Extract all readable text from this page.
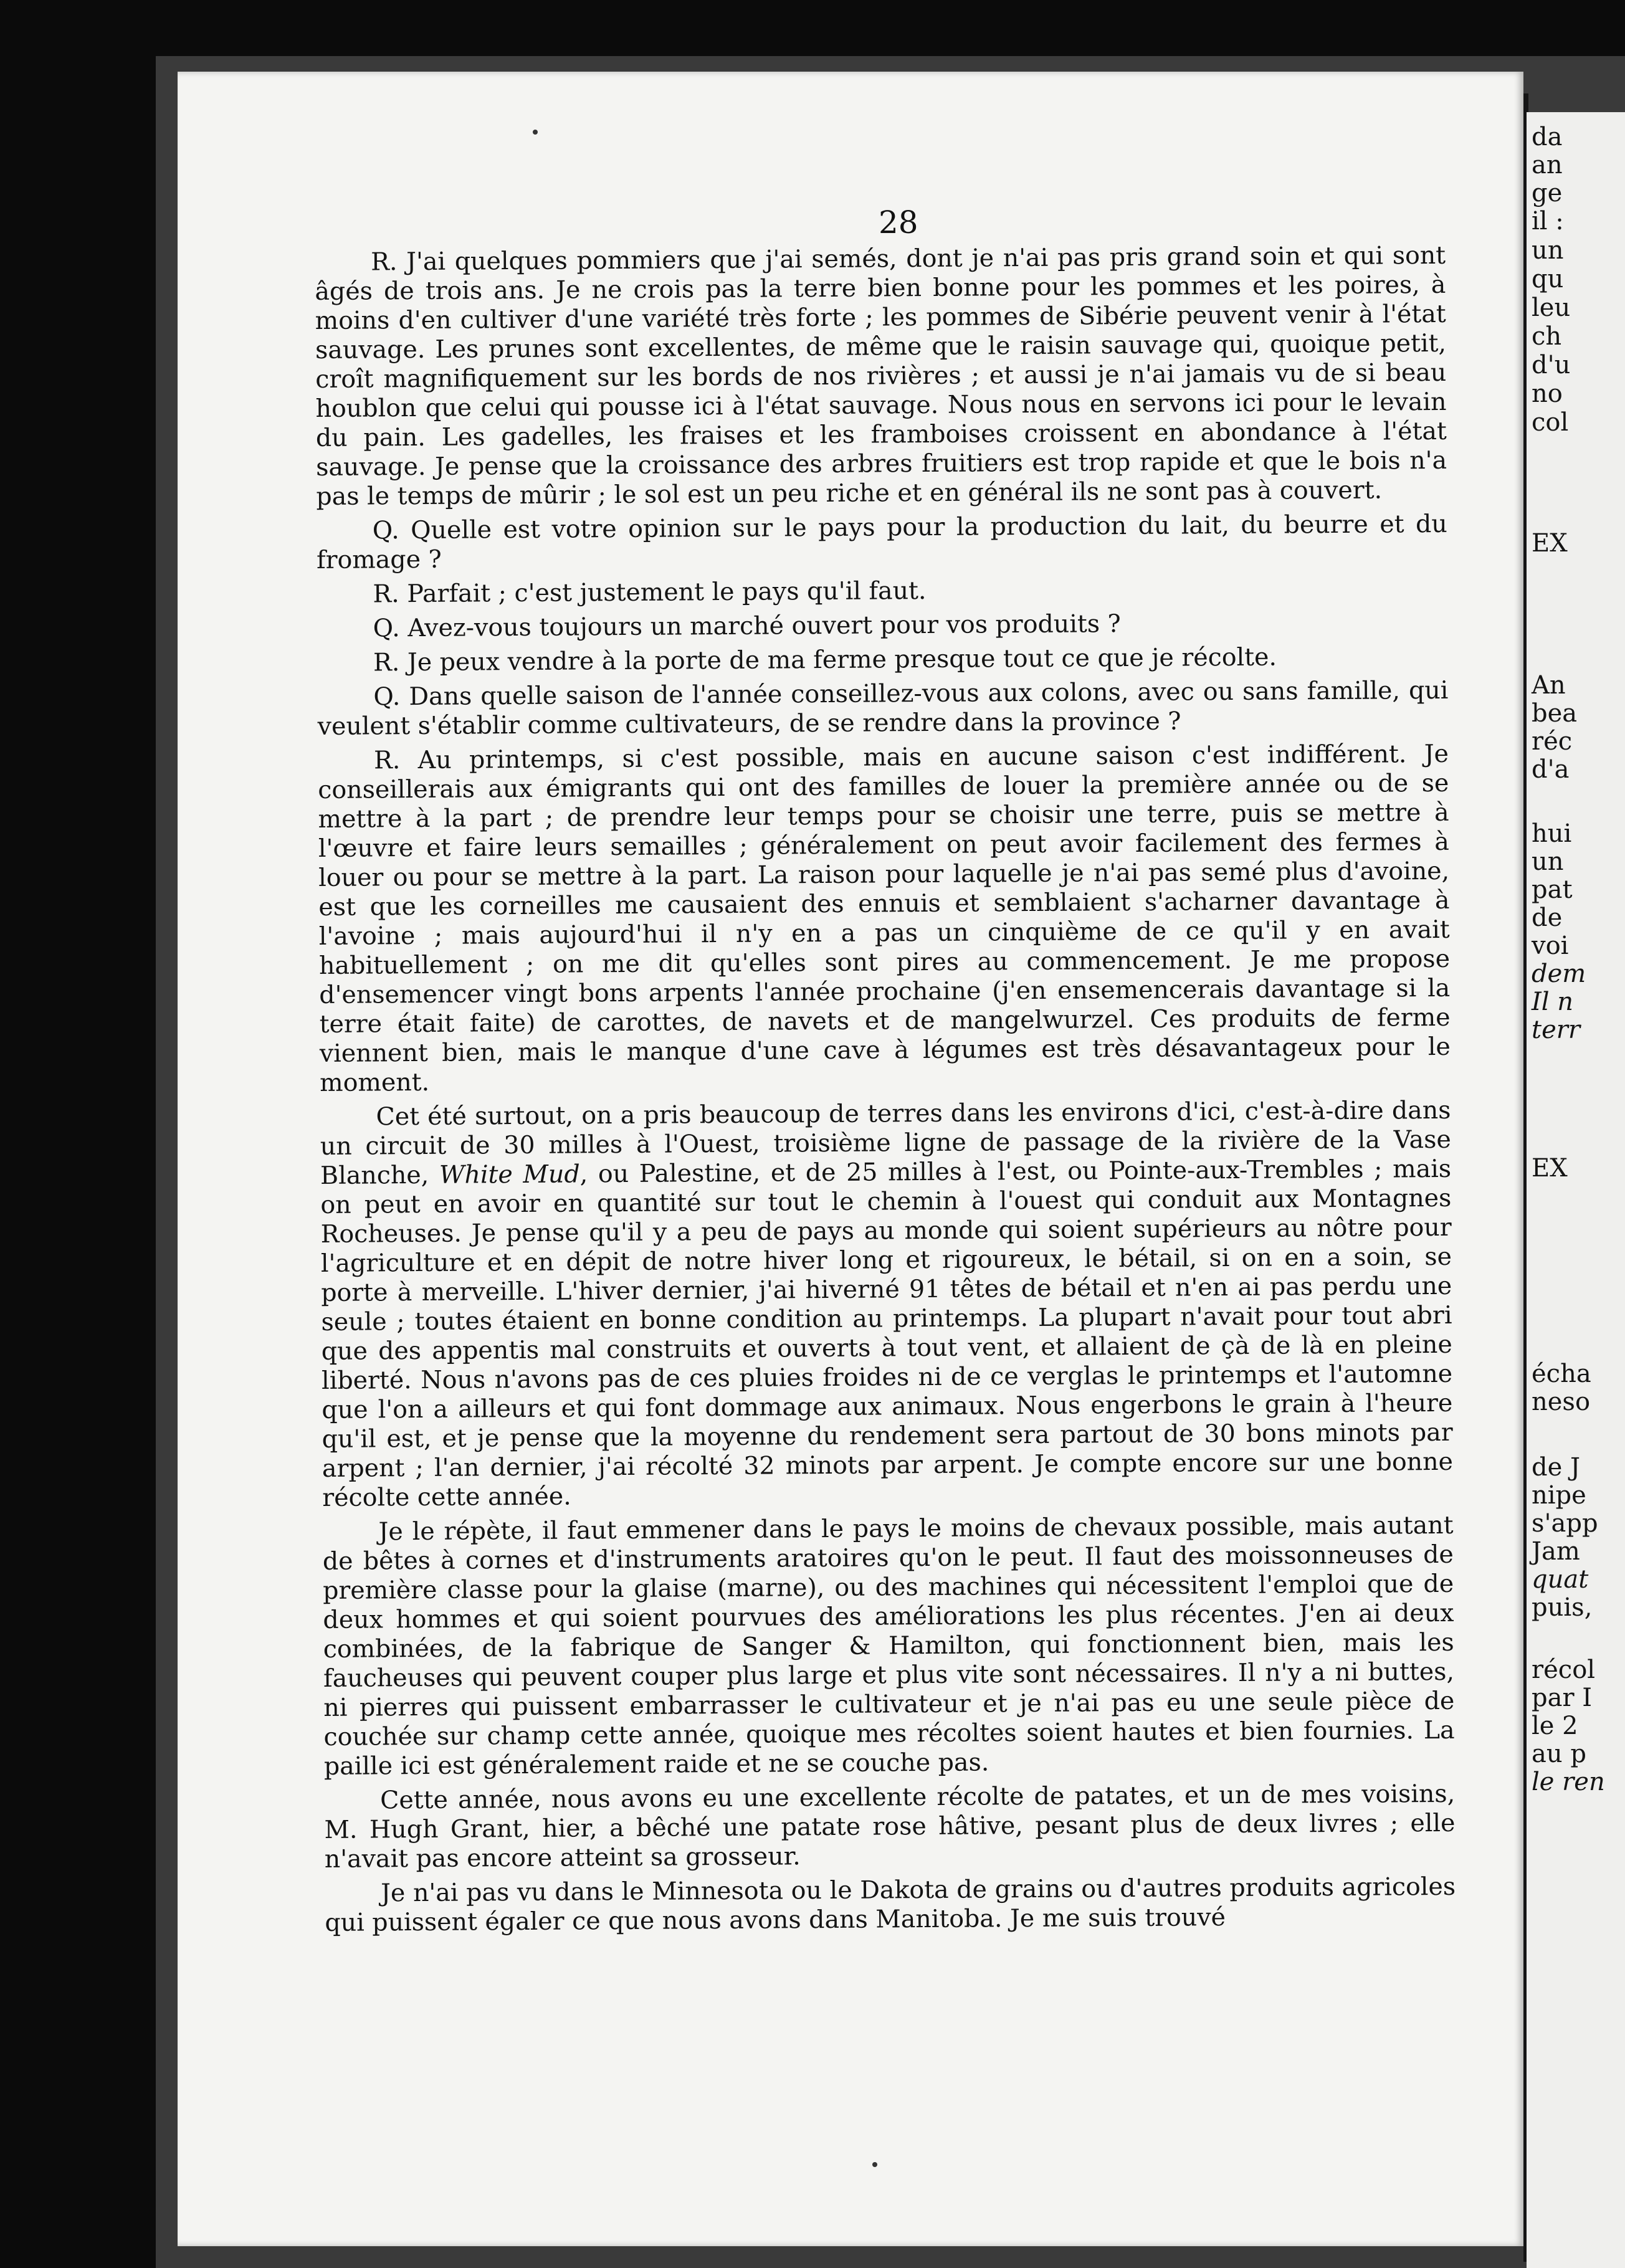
28

R. J'ai quelques pommiers que j'ai semés, dont je n'ai pas pris grand soin et qui sont âgés de trois ans. Je ne crois pas la terre bien bonne pour les pommes et les poires, à moins d'en cultiver d'une variété très forte ; les pommes de Sibérie peuvent venir à l'état sauvage. Les prunes sont excellentes, de même que le raisin sauvage qui, quoique petit, croît magnifiquement sur les bords de nos rivières ; et aussi je n'ai jamais vu de si beau houblon que celui qui pousse ici à l'état sauvage. Nous nous en servons ici pour le levain du pain. Les gadelles, les fraises et les framboises croissent en abondance à l'état sauvage. Je pense que la croissance des arbres fruitiers est trop rapide et que le bois n'a pas le temps de mûrir ; le sol est un peu riche et en général ils ne sont pas à couvert.

Q. Quelle est votre opinion sur le pays pour la production du lait, du beurre et du fromage ?

R. Parfait ; c'est justement le pays qu'il faut.

Q. Avez-vous toujours un marché ouvert pour vos produits ?

R. Je peux vendre à la porte de ma ferme presque tout ce que je récolte.

Q. Dans quelle saison de l'année conseillez-vous aux colons, avec ou sans famille, qui veulent s'établir comme cultivateurs, de se rendre dans la province ?

R. Au printemps, si c'est possible, mais en aucune saison c'est indifférent. Je conseillerais aux émigrants qui ont des familles de louer la première année ou de se mettre à la part ; de prendre leur temps pour se choisir une terre, puis se mettre à l'œuvre et faire leurs semailles ; généralement on peut avoir facilement des fermes à louer ou pour se mettre à la part. La raison pour laquelle je n'ai pas semé plus d'avoine, est que les corneilles me causaient des ennuis et semblaient s'acharner davantage à l'avoine ; mais aujourd'hui il n'y en a pas un cinquième de ce qu'il y en avait habituellement ; on me dit qu'elles sont pires au commencement. Je me propose d'ensemencer vingt bons arpents l'année prochaine (j'en ensemencerais davantage si la terre était faite) de carottes, de navets et de mangelwurzel. Ces produits de ferme viennent bien, mais le manque d'une cave à légumes est très désavantageux pour le moment.

Cet été surtout, on a pris beaucoup de terres dans les environs d'ici, c'est-à-dire dans un circuit de 30 milles à l'Ouest, troisième ligne de passage de la rivière de la Vase Blanche, White Mud, ou Palestine, et de 25 milles à l'est, ou Pointe-aux-Trembles ; mais on peut en avoir en quantité sur tout le chemin à l'ouest qui conduit aux Montagnes Rocheuses. Je pense qu'il y a peu de pays au monde qui soient supérieurs au nôtre pour l'agriculture et en dépit de notre hiver long et rigoureux, le bétail, si on en a soin, se porte à merveille. L'hiver dernier, j'ai hiverné 91 têtes de bétail et n'en ai pas perdu une seule ; toutes étaient en bonne condition au printemps. La plupart n'avait pour tout abri que des appentis mal construits et ouverts à tout vent, et allaient de çà de là en pleine liberté. Nous n'avons pas de ces pluies froides ni de ce verglas le printemps et l'automne que l'on a ailleurs et qui font dommage aux animaux. Nous engerbons le grain à l'heure qu'il est, et je pense que la moyenne du rendement sera partout de 30 bons minots par arpent ; l'an dernier, j'ai récolté 32 minots par arpent. Je compte encore sur une bonne récolte cette année.

Je le répète, il faut emmener dans le pays le moins de chevaux possible, mais autant de bêtes à cornes et d'instruments aratoires qu'on le peut. Il faut des moissonneuses de première classe pour la glaise (marne), ou des machines qui nécessitent l'emploi que de deux hommes et qui soient pourvues des améliorations les plus récentes. J'en ai deux combinées, de la fabrique de Sanger & Hamilton, qui fonctionnent bien, mais les faucheuses qui peuvent couper plus large et plus vite sont nécessaires. Il n'y a ni buttes, ni pierres qui puissent embarrasser le cultivateur et je n'ai pas eu une seule pièce de couchée sur champ cette année, quoique mes récoltes soient hautes et bien fournies. La paille ici est généralement raide et ne se couche pas.

Cette année, nous avons eu une excellente récolte de patates, et un de mes voisins, M. Hugh Grant, hier, a bêché une patate rose hâtive, pesant plus de deux livres ; elle n'avait pas encore atteint sa grosseur.

Je n'ai pas vu dans le Minnesota ou le Dakota de grains ou d'autres produits agricoles qui puissent égaler ce que nous avons dans Manitoba. Je me suis trouvé

da
an
ge
il :
un
qu
leu
ch
d'u
no
col
EX
An
bea
réc
d'a
hui
un
pat
de
voi
dem
Il n
terr
EX
écha
neso
de J
nipe
s'app
Jam
quat
puis,
récol
par I
le 2
au p
le ren
